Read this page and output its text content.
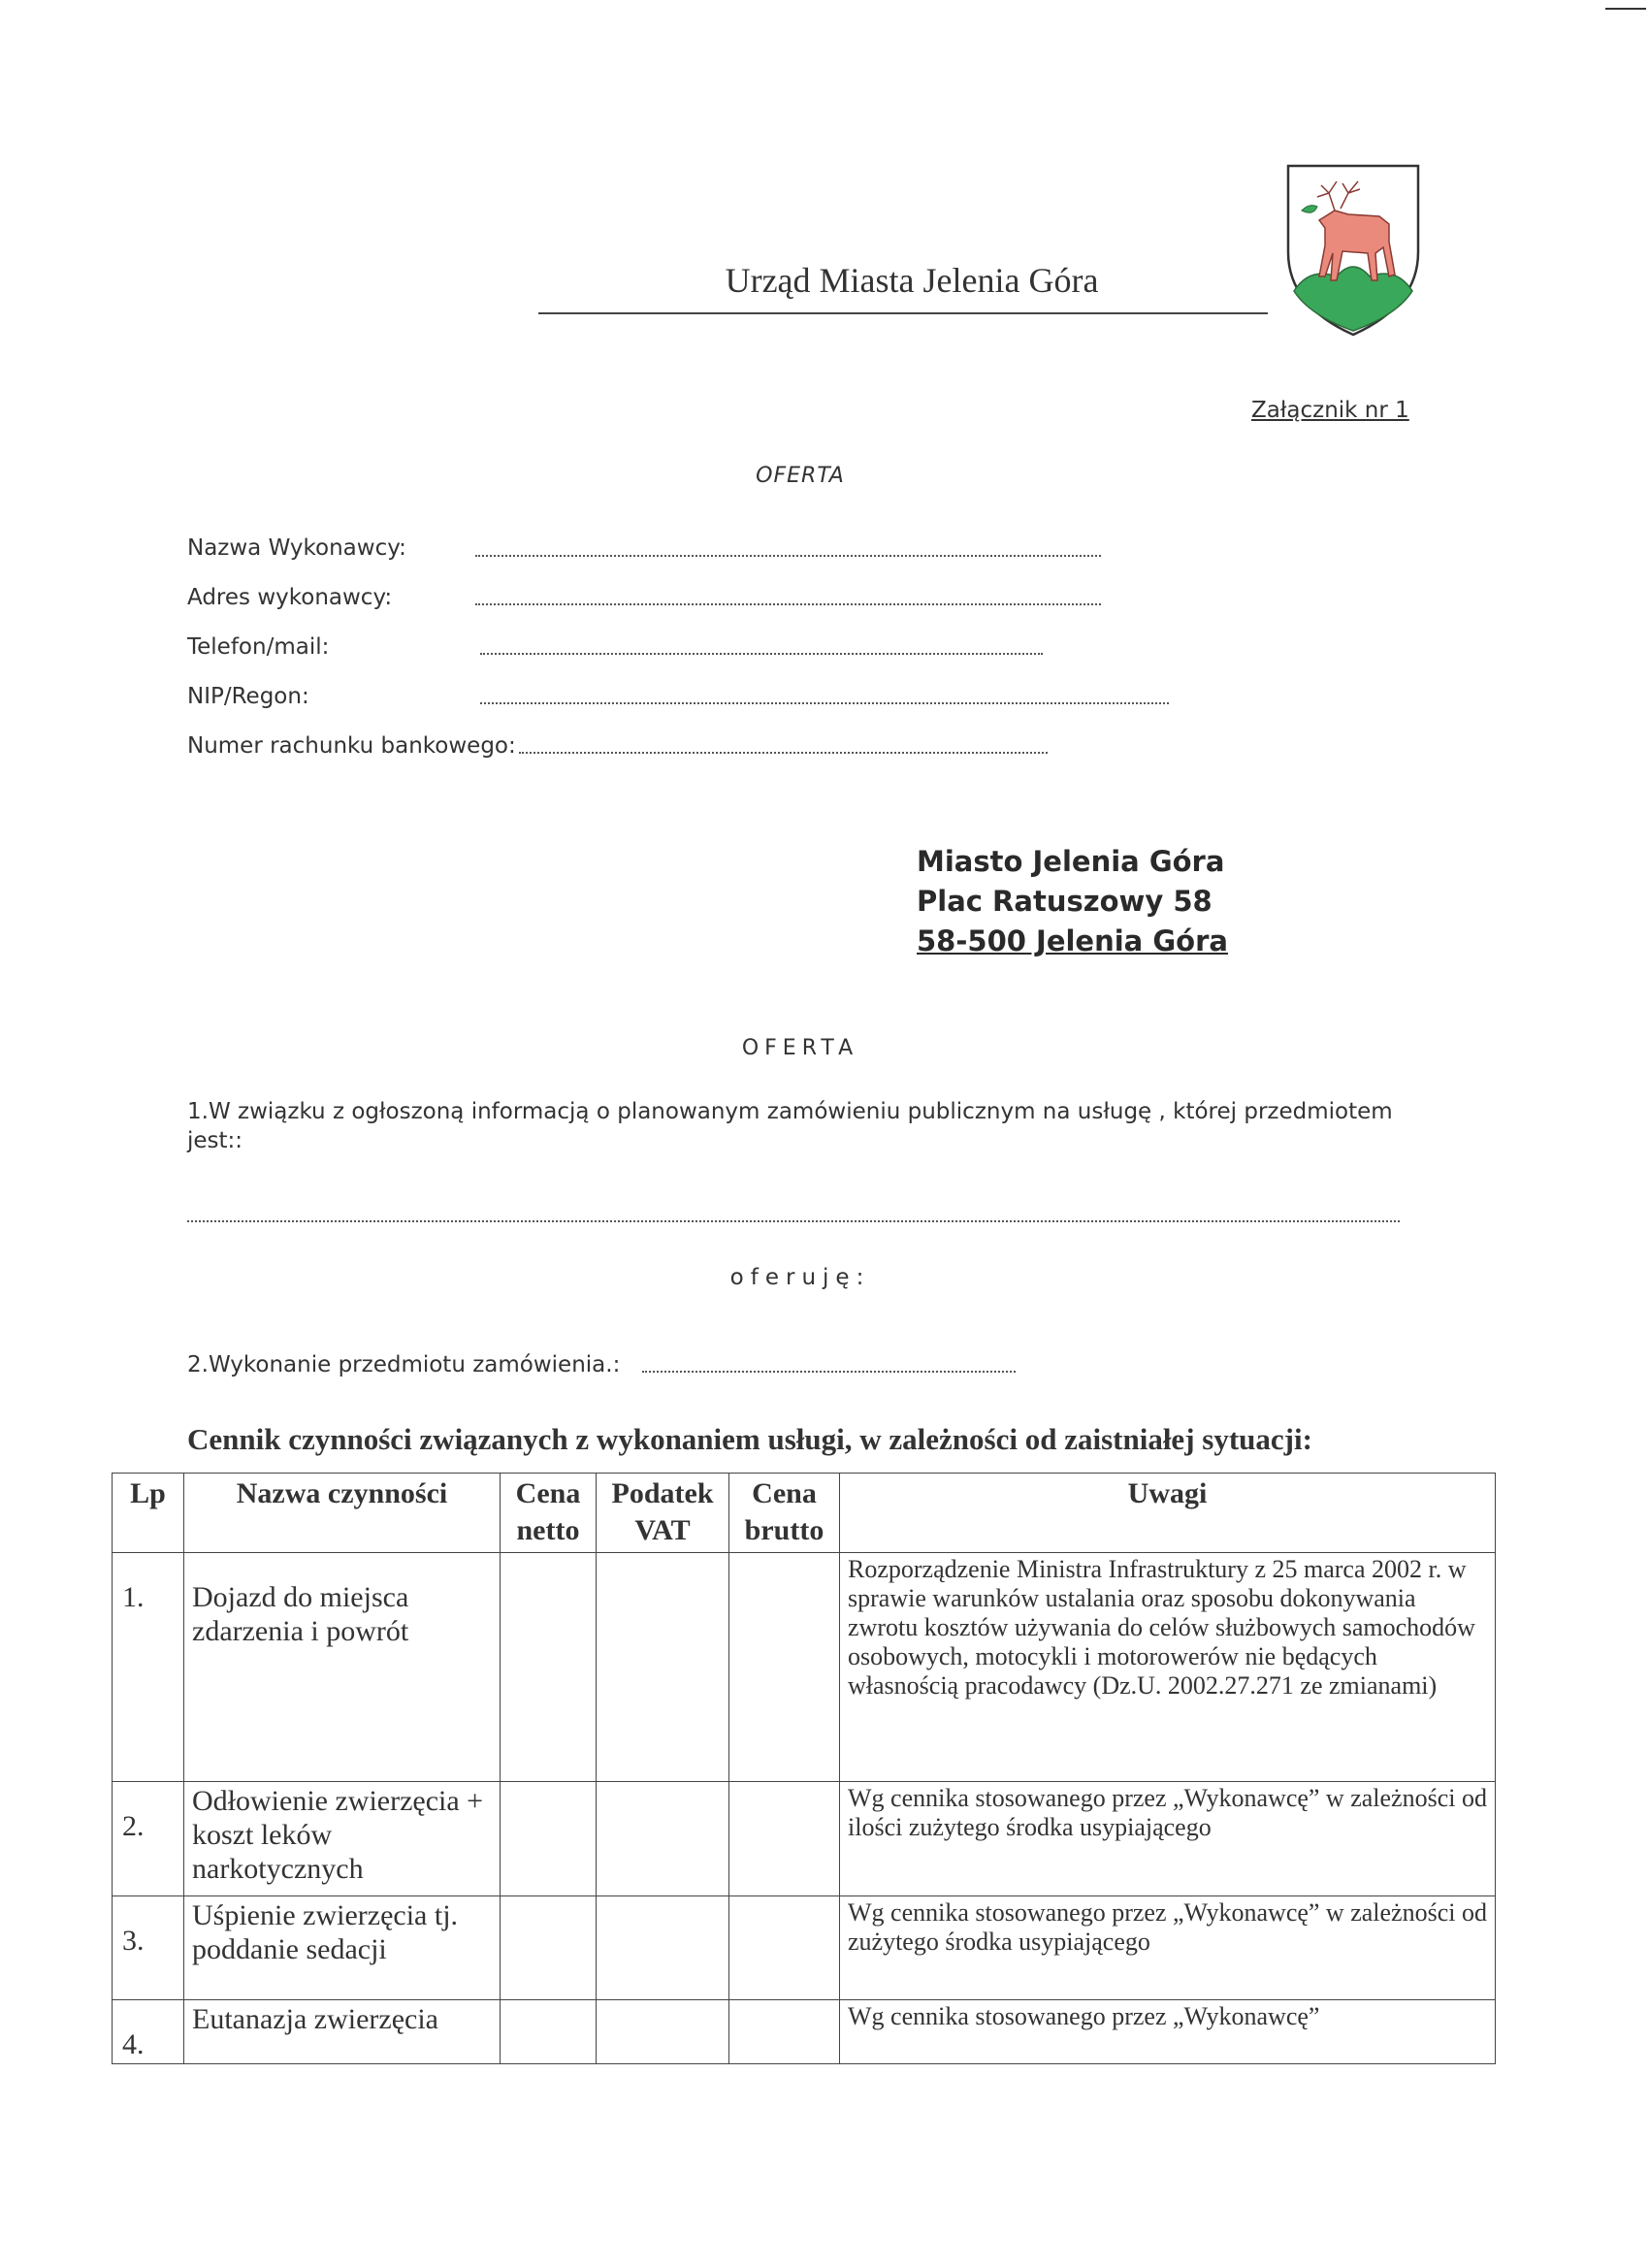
Urząd Miasta Jelenia Góra
Załącznik nr 1
OFERTA
Nazwa Wykonawcy:
Adres wykonawcy:
Telefon/mail:
NIP/Regon:
Numer rachunku bankowego:
Miasto Jelenia Góra
Plac Ratuszowy 58
58-500 Jelenia Góra
OFERTA
1.W związku z ogłoszoną informacją o planowanym zamówieniu publicznym na usługę , której przedmiotem jest::
oferuję:
2.Wykonanie przedmiotu zamówienia.:
Cennik czynności związanych z wykonaniem usługi, w zależności od zaistniałej sytuacji:
Lp	Nazwa czynności	Cena netto	Podatek VAT	Cena brutto	Uwagi
1.	Dojazd do miejsca zdarzenia i powrót				Rozporządzenie Ministra Infrastruktury z 25 marca 2002 r. w sprawie warunków ustalania oraz sposobu dokonywania zwrotu kosztów używania do celów służbowych samochodów osobowych, motocykli i motorowerów nie będących własnością pracodawcy (Dz.U. 2002.27.271 ze zmianami)
2.	Odłowienie zwierzęcia + koszt leków narkotycznych				Wg cennika stosowanego przez „Wykonawcę” w zależności od ilości zużytego środka usypiającego
3.	Uśpienie zwierzęcia tj. poddanie sedacji				Wg cennika stosowanego przez „Wykonawcę” w zależności od zużytego środka usypiającego
4.	Eutanazja zwierzęcia				Wg cennika stosowanego przez „Wykonawcę”
